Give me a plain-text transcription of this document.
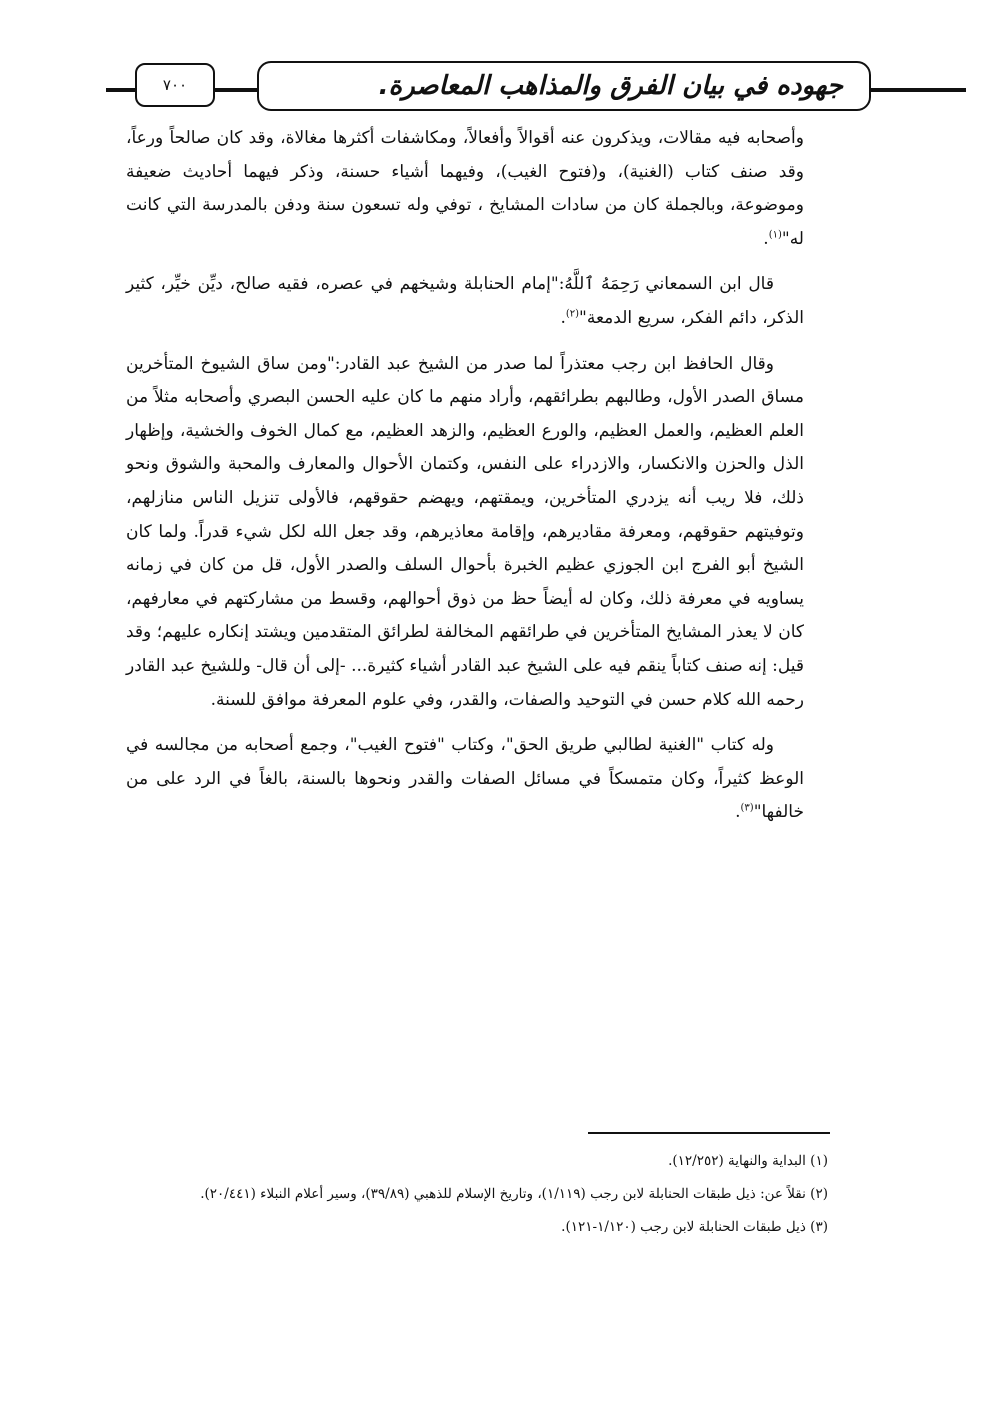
٧٠٠	جهوده في بيان الفرق والمذاهب المعاصرة.

وأصحابه فيه مقالات، ويذكرون عنه أقوالاً وأفعالاً، ومكاشفات أكثرها مغالاة، وقد كان صالحاً ورعاً، وقد صنف كتاب (الغنية)، و(فتوح الغيب)، وفيهما أشياء حسنة، وذكر فيهما أحاديث ضعيفة وموضوعة، وبالجملة كان من سادات المشايخ ، توفي وله تسعون سنة ودفن بالمدرسة التي كانت له"$^{(١)}$.

قال ابن السمعاني رَحِمَهُ ٱللَّهُ:"إمام الحنابلة وشيخهم في عصره، فقيه صالح، ديِّن خيِّر، كثير الذكر، دائم الفكر، سريع الدمعة"$^{(٢)}$.

وقال الحافظ ابن رجب معتذراً لما صدر من الشيخ عبد القادر:"ومن ساق الشيوخ المتأخرين مساق الصدر الأول، وطالبهم بطرائقهم، وأراد منهم ما كان عليه الحسن البصري وأصحابه مثلاً من العلم العظيم، والعمل العظيم، والورع العظيم، والزهد العظيم، مع كمال الخوف والخشية، وإظهار الذل والحزن والانكسار، والازدراء على النفس، وكتمان الأحوال والمعارف والمحبة والشوق ونحو ذلك، فلا ريب أنه يزدري المتأخرين، ويمقتهم، ويهضم حقوقهم، فالأولى تنزيل الناس منازلهم، وتوفيتهم حقوقهم، ومعرفة مقاديرهم، وإقامة معاذيرهم، وقد جعل الله لكل شيء قدراً. ولما كان الشيخ أبو الفرج ابن الجوزي عظيم الخبرة بأحوال السلف والصدر الأول، قل من كان في زمانه يساويه في معرفة ذلك، وكان له أيضاً حظ من ذوق أحوالهم، وقسط من مشاركتهم في معارفهم، كان لا يعذر المشايخ المتأخرين في طرائقهم المخالفة لطرائق المتقدمين ويشتد إنكاره عليهم؛ وقد قيل: إنه صنف كتاباً ينقم فيه على الشيخ عبد القادر أشياء كثيرة... -إلى أن قال- وللشيخ عبد القادر رحمه الله كلام حسن في التوحيد والصفات، والقدر، وفي علوم المعرفة موافق للسنة.

وله كتاب "الغنية لطالبي طريق الحق"، وكتاب "فتوح الغيب"، وجمع أصحابه من مجالسه في الوعظ كثيراً، وكان متمسكاً في مسائل الصفات والقدر ونحوها بالسنة، بالغاً في الرد على من خالفها"$^{(٣)}$.

(١) البداية والنهاية (١٢/٢٥٢).

(٢) نقلاً عن: ذيل طبقات الحنابلة لابن رجب (١/١١٩)، وتاريخ الإسلام للذهبي (٣٩/٨٩)، وسير أعلام النبلاء (٢٠/٤٤١).

(٣) ذيل طبقات الحنابلة لابن رجب (١/١٢٠-١٢١).
